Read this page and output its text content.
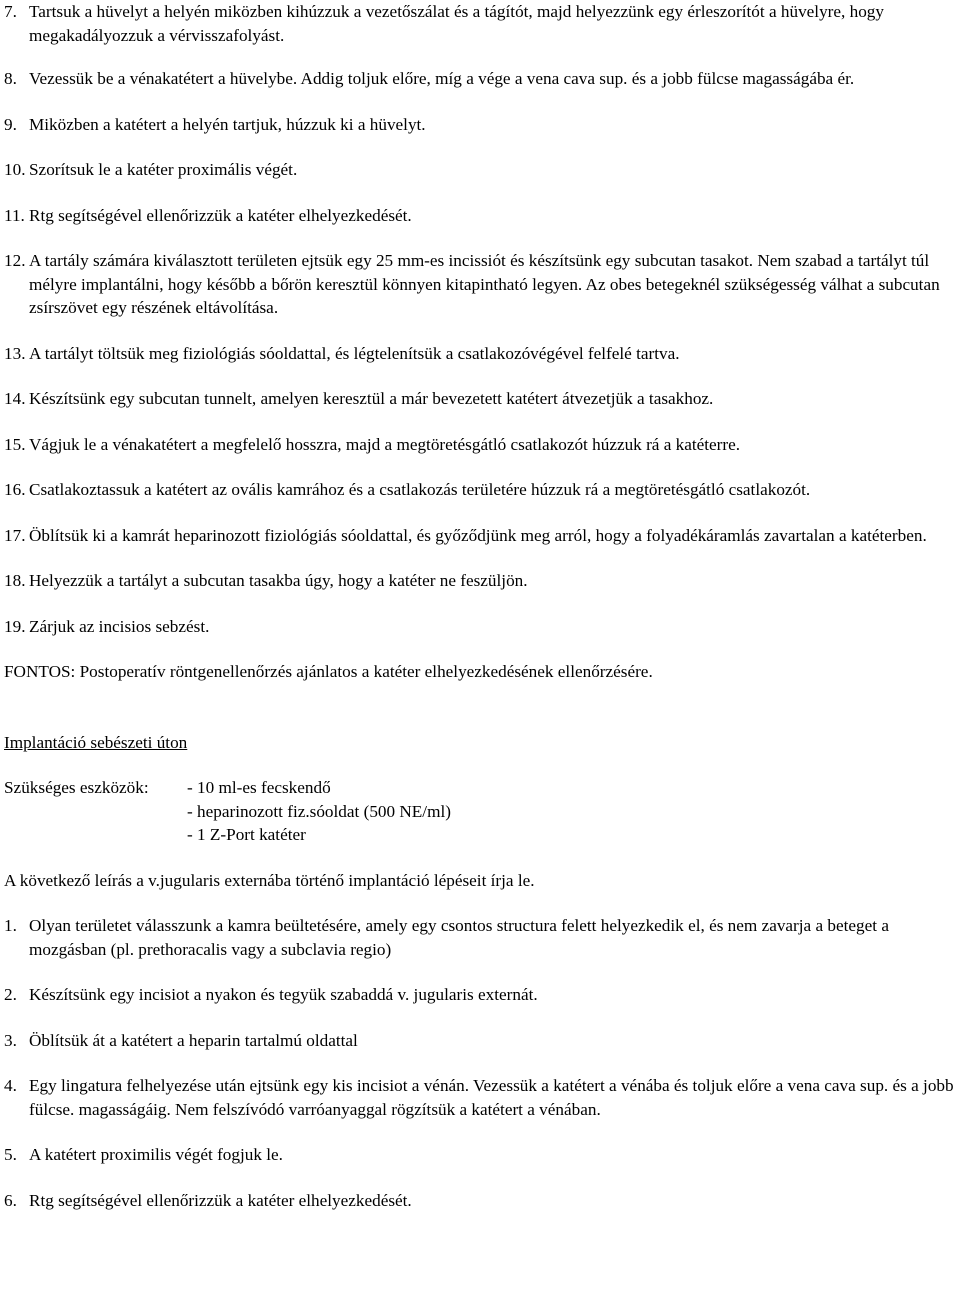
7. Tartsuk a hüvelyt a helyén miközben kihúzzuk a vezetőszálat és a tágítót, majd helyezzünk egy érleszorítót a hüvelyre, hogy megakadályozzuk a vérvisszafolyást.
8. Vezessük be a vénakatétert a hüvelybe. Addig toljuk előre, míg a vége a vena cava sup. és a jobb fülcse magasságába ér.
9. Miközben a katétert a helyén tartjuk, húzzuk ki a hüvelyt.
10. Szorítsuk le a katéter proximális végét.
11. Rtg segítségével ellenőrizzük a katéter elhelyezkedését.
12. A tartály számára kiválasztott területen ejtsük egy 25 mm-es incissiót és készítsünk egy subcutan tasakot. Nem szabad a tartályt túl mélyre implantálni, hogy később a bőrön keresztül könnyen kitapintható legyen. Az obes betegeknél szükségesség válhat a subcutan zsírszövet egy részének eltávolítása.
13. A tartályt töltsük meg fiziológiás sóoldattal, és légtelenítsük a csatlakozóvégével felfelé tartva.
14. Készítsünk egy subcutan tunnelt, amelyen keresztül a már bevezetett katétert átvezetjük a tasakhoz.
15. Vágjuk le a vénakatétert a megfelelő hosszra, majd a megtöretésgátló csatlakozót húzzuk rá a katéterre.
16. Csatlakoztassuk a katétert az ovális kamrához és a csatlakozás területére húzzuk rá a megtöretésgátló csatlakozót.
17. Öblítsük ki a kamrát heparinozott fiziológiás sóoldattal, és győződjünk meg arról, hogy a folyadékáramlás zavartalan a katéterben.
18. Helyezzük a tartályt a subcutan tasakba úgy, hogy a katéter ne feszüljön.
19. Zárjuk az incisios sebzést.
FONTOS: Postoperatív röntgenellenőrzés ajánlatos a katéter elhelyezkedésének ellenőrzésére.
Implantáció sebészeti úton
Szükséges eszközök:	- 10 ml-es fecskendő
- heparinozott fiz.sóoldat (500 NE/ml)
- 1 Z-Port katéter
A következő leírás a v.jugularis externába történő implantáció lépéseit írja le.
1. Olyan területet válasszunk a kamra beültetésére, amely egy csontos structura felett helyezkedik el, és nem zavarja a beteget a mozgásban (pl. prethoracalis vagy a subclavia regio)
2. Készítsünk egy incisiot a nyakon és tegyük szabaddá v. jugularis externát.
3. Öblítsük át a katétert a heparin tartalmú oldattal
4. Egy lingatura felhelyezése után ejtsünk egy kis incisiot a vénán. Vezessük a katétert a vénába és toljuk előre a vena cava sup. és a jobb fülcse. magasságáig. Nem felszívódó varróanyaggal rögzítsük a katétert a vénában.
5. A katétert proximilis végét fogjuk le.
6. Rtg segítségével ellenőrizzük a katéter elhelyezkedését.
